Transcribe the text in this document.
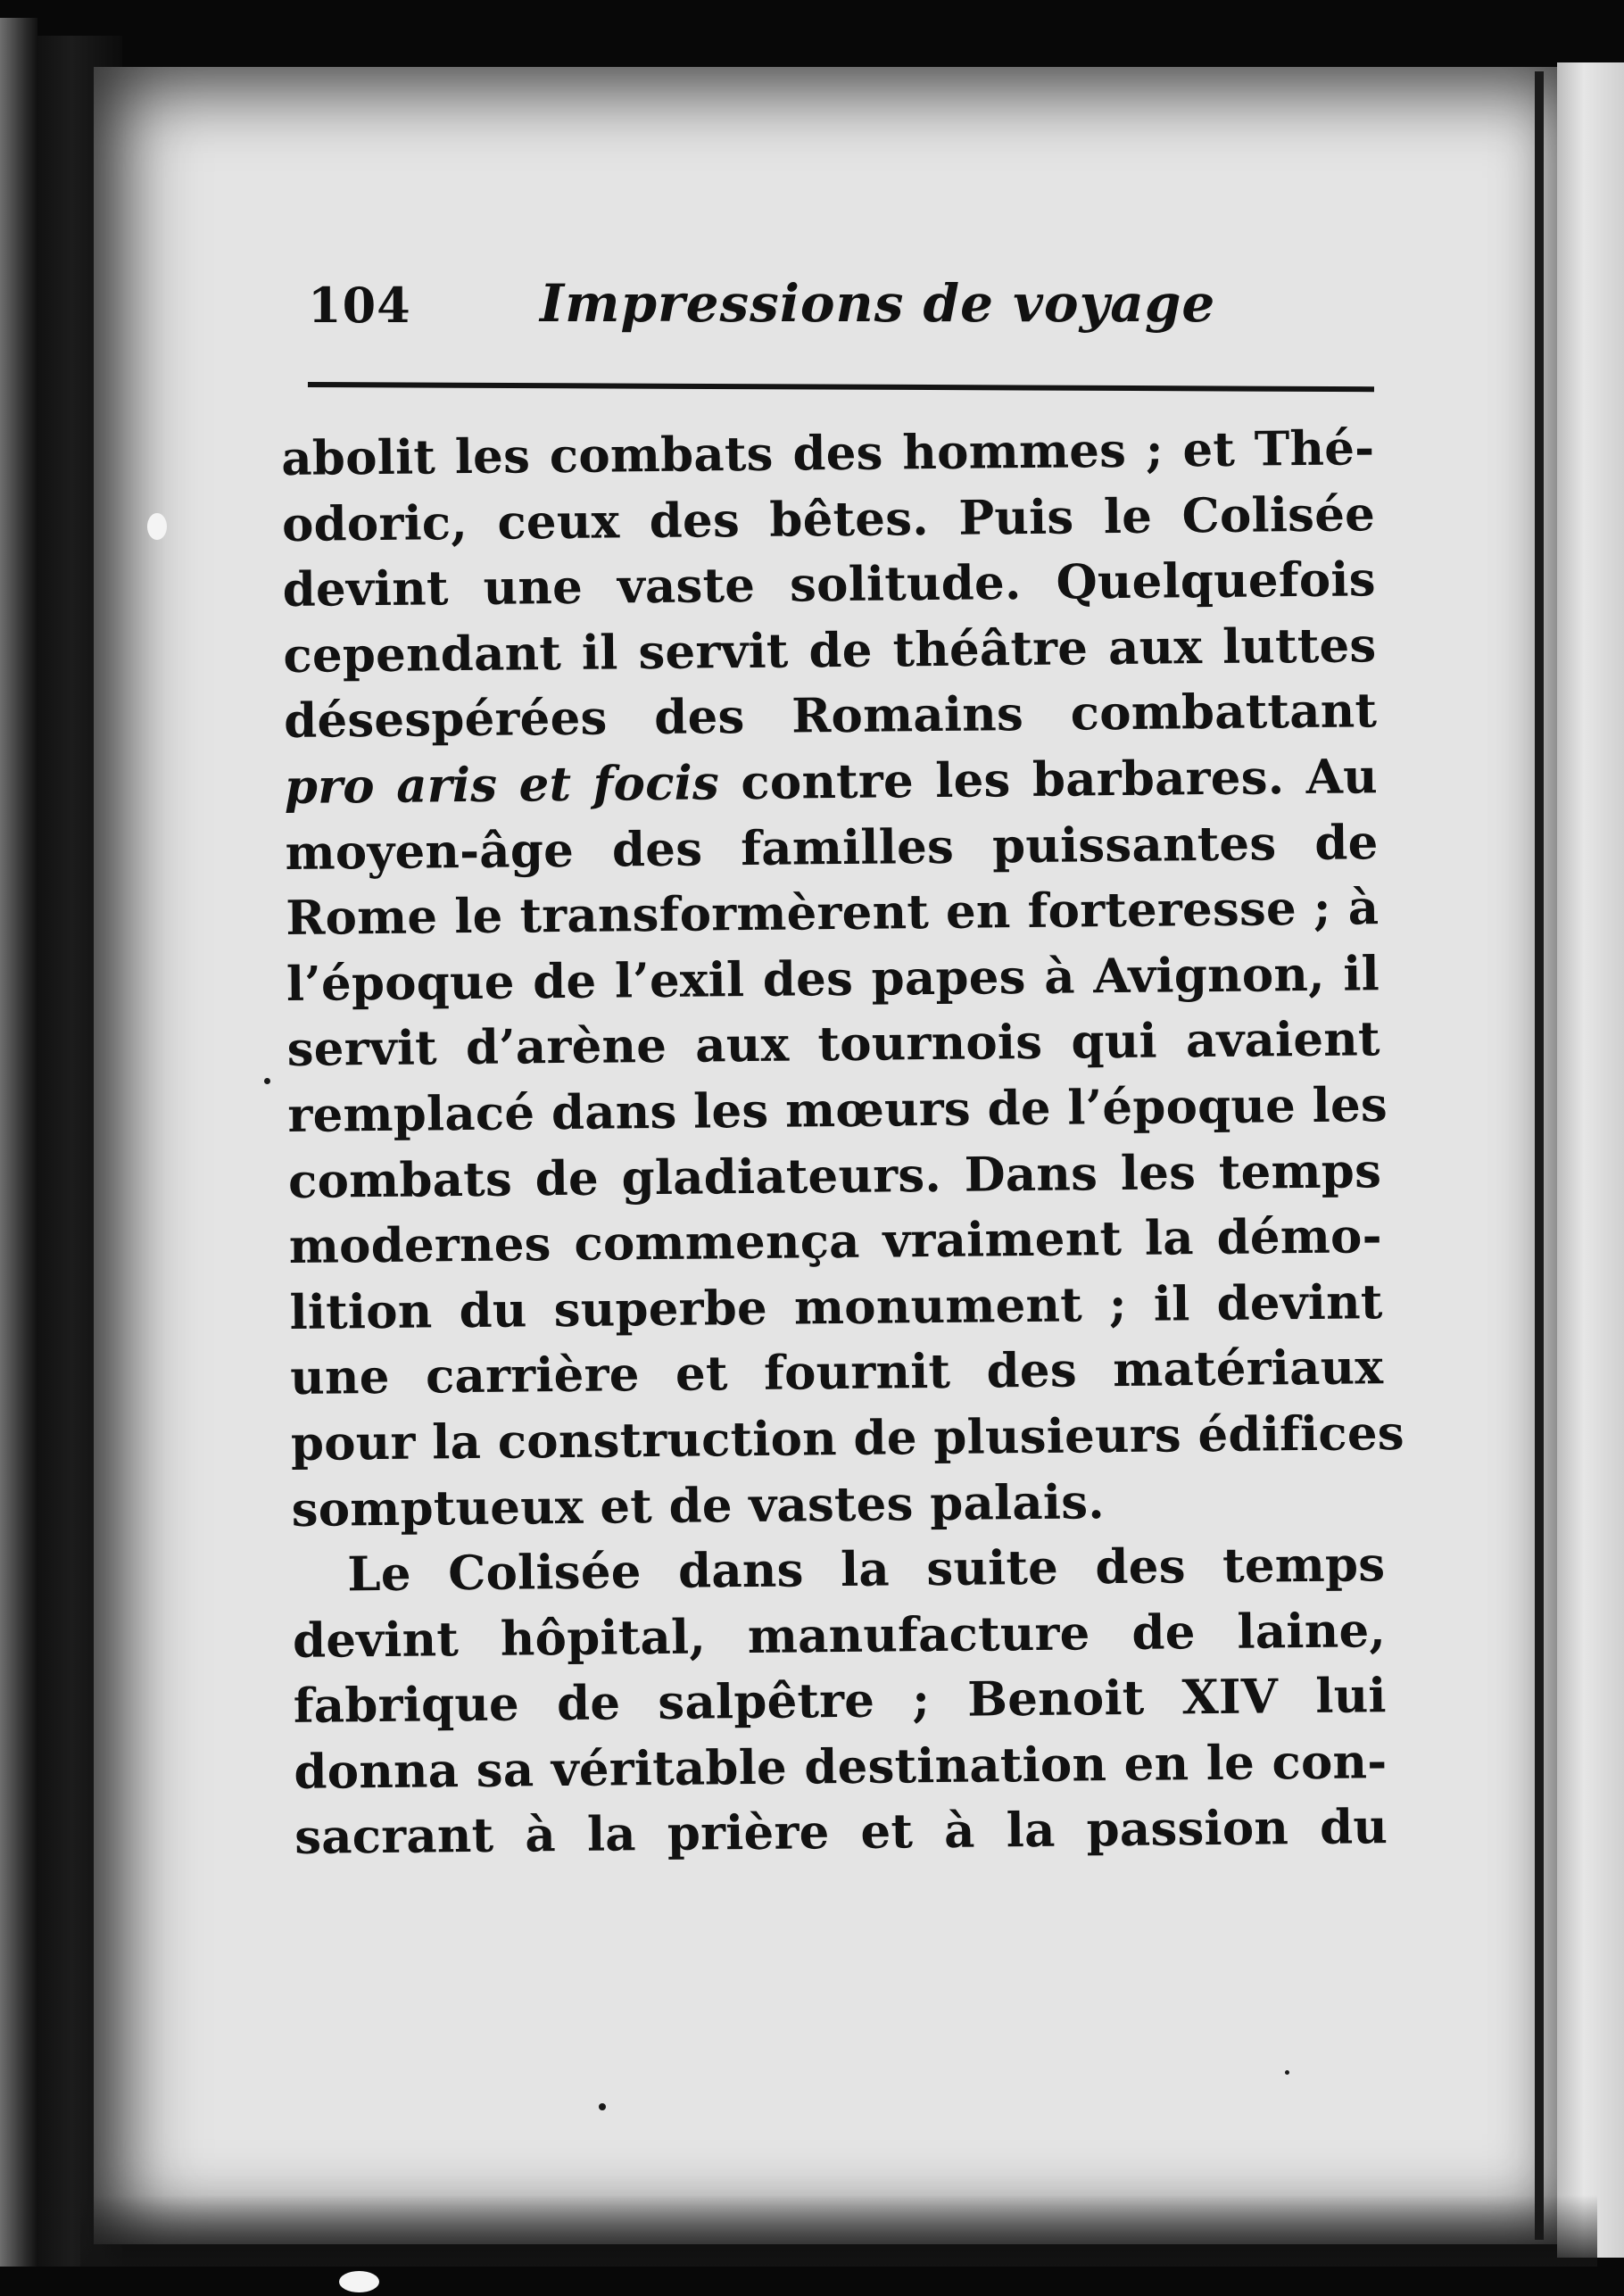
104 Impressions de voyage
abolit les combats des hommes ; et Thé-
odoric, ceux des bêtes. Puis le Colisée
devint une vaste solitude. Quelquefois
cependant il servit de théâtre aux luttes
désespérées des Romains combattant
pro aris et focis contre les barbares. Au
moyen-âge des familles puissantes de
Rome le transformèrent en forteresse ; à
l’époque de l’exil des papes à Avignon, il
servit d’arène aux tournois qui avaient
remplacé dans les mœurs de l’époque les
combats de gladiateurs. Dans les temps
modernes commença vraiment la démo-
lition du superbe monument ; il devint
une carrière et fournit des matériaux
pour la construction de plusieurs édifices
somptueux et de vastes palais.
Le Colisée dans la suite des temps
devint hôpital, manufacture de laine,
fabrique de salpêtre ; Benoit XIV lui
donna sa véritable destination en le con-
sacrant à la prière et à la passion du
